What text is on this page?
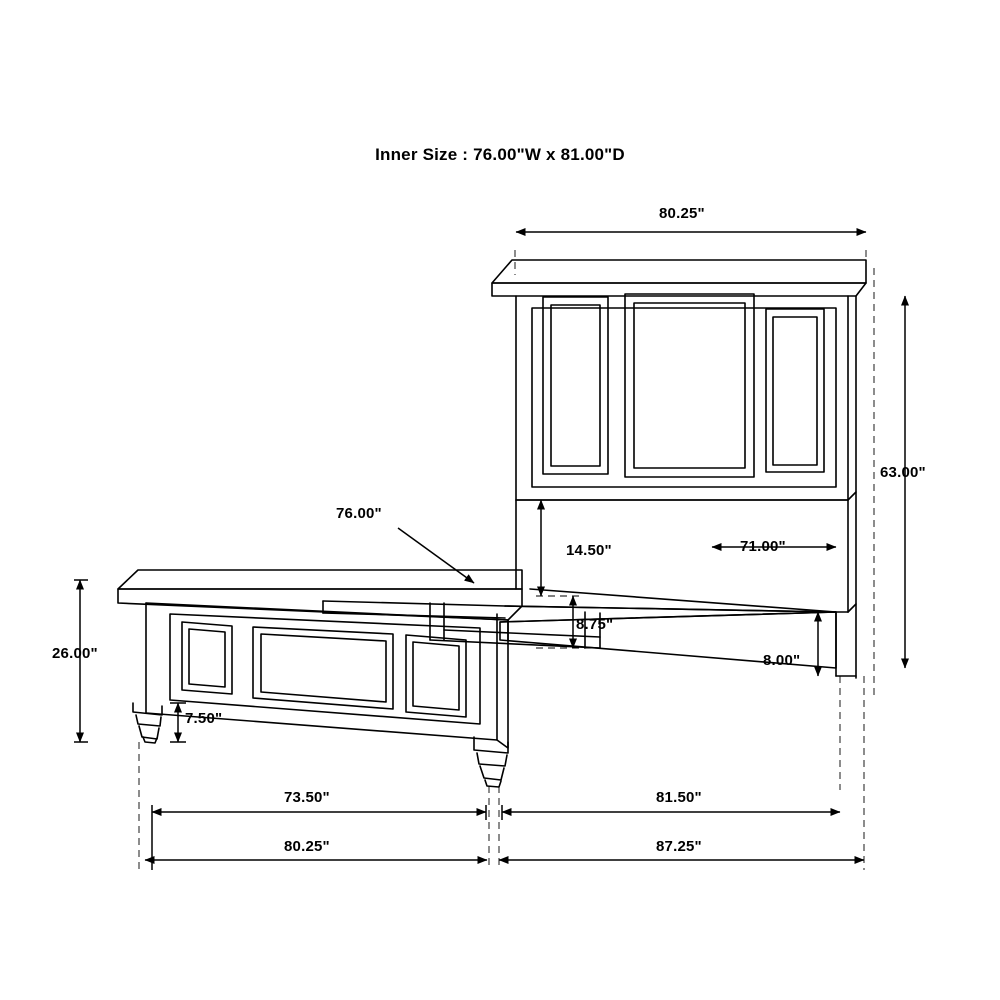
Inner Size : 76.00"W x 81.00"D
80.25"
63.00"
71.00"
14.50"
8.75"
8.00"
76.00"
26.00"
7.50"
73.50"	81.50"
80.25"	87.25"
